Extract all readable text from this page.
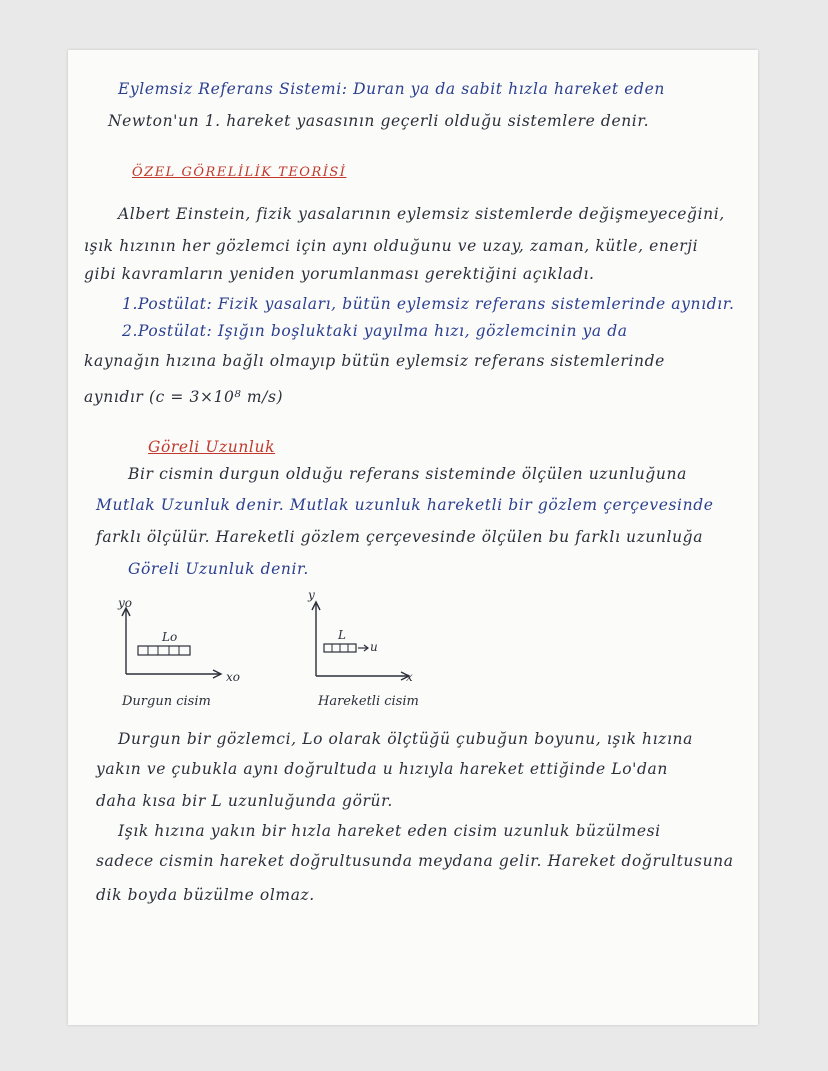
Eylemsiz Referans Sistemi: Duran ya da sabit hızla hareket eden
Newton'un 1. hareket yasasının geçerli olduğu sistemlere denir.
ÖZEL GÖRELİLİK TEORİSİ
Albert Einstein, fizik yasalarının eylemsiz sistemlerde değişmeyeceğini,
ışık hızının her gözlemci için aynı olduğunu ve uzay, zaman, kütle, enerji
gibi kavramların yeniden yorumlanması gerektiğini açıkladı.
1.Postülat: Fizik yasaları, bütün eylemsiz referans sistemlerinde aynıdır.
2.Postülat: Işığın boşluktaki yayılma hızı, gözlemcinin ya da
kaynağın hızına bağlı olmayıp bütün eylemsiz referans sistemlerinde
aynıdır (c = 3×10⁸ m/s)
Göreli Uzunluk
Bir cismin durgun olduğu referans sisteminde ölçülen uzunluğuna
Mutlak Uzunluk denir. Mutlak uzunluk hareketli bir gözlem çerçevesinde
farklı ölçülür. Hareketli gözlem çerçevesinde ölçülen bu farklı uzunluğa
Göreli Uzunluk denir.
yo
Lo
xo
Durgun cisim
y
L
u
x
Hareketli cisim
Durgun bir gözlemci, Lo olarak ölçtüğü çubuğun boyunu, ışık hızına
yakın ve çubukla aynı doğrultuda u hızıyla hareket ettiğinde Lo'dan
daha kısa bir L uzunluğunda görür.
Işık hızına yakın bir hızla hareket eden cisim uzunluk büzülmesi
sadece cismin hareket doğrultusunda meydana gelir. Hareket doğrultusuna
dik boyda büzülme olmaz.
